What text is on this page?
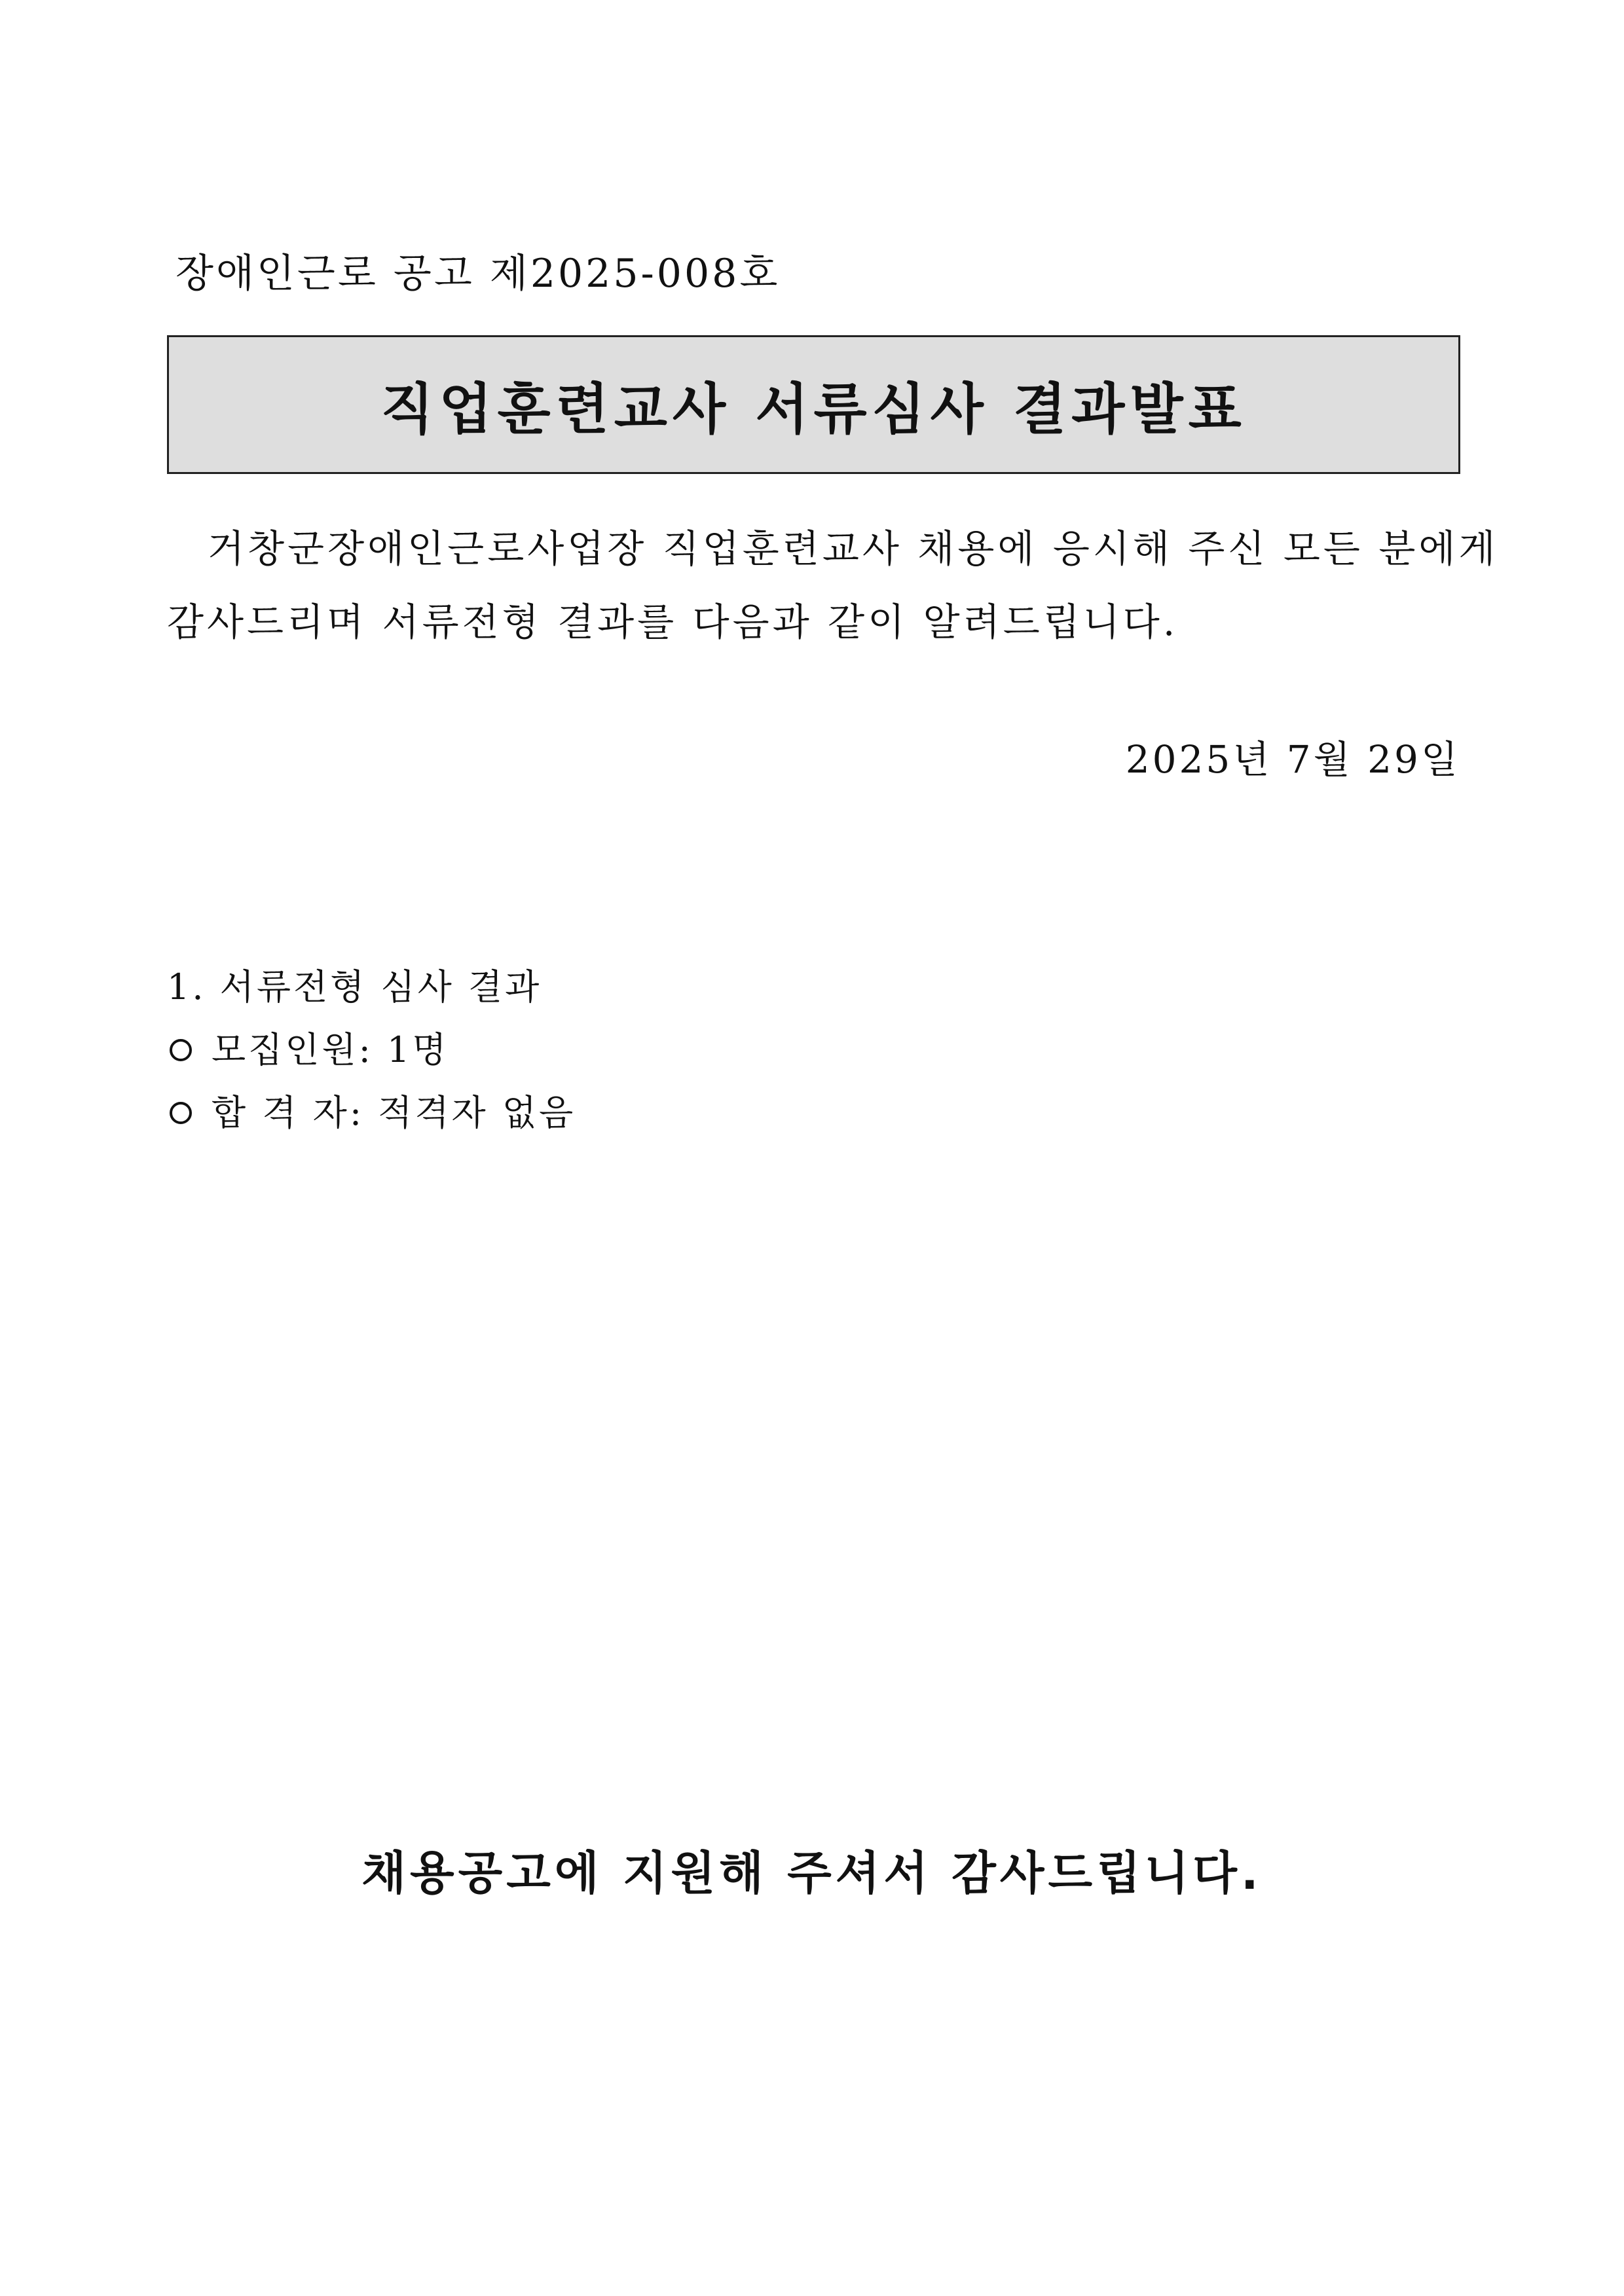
장애인근로 공고 제2025-008호
직업훈련교사 서류심사 결과발표
거창군장애인근로사업장 직업훈련교사 채용에 응시해 주신 모든 분에게
감사드리며 서류전형 결과를 다음과 같이 알려드립니다.
2025년 7월 29일
1. 서류전형 심사 결과
모집인원: 1명
합 격 자: 적격자 없음
채용공고에 지원해 주셔서 감사드립니다.
